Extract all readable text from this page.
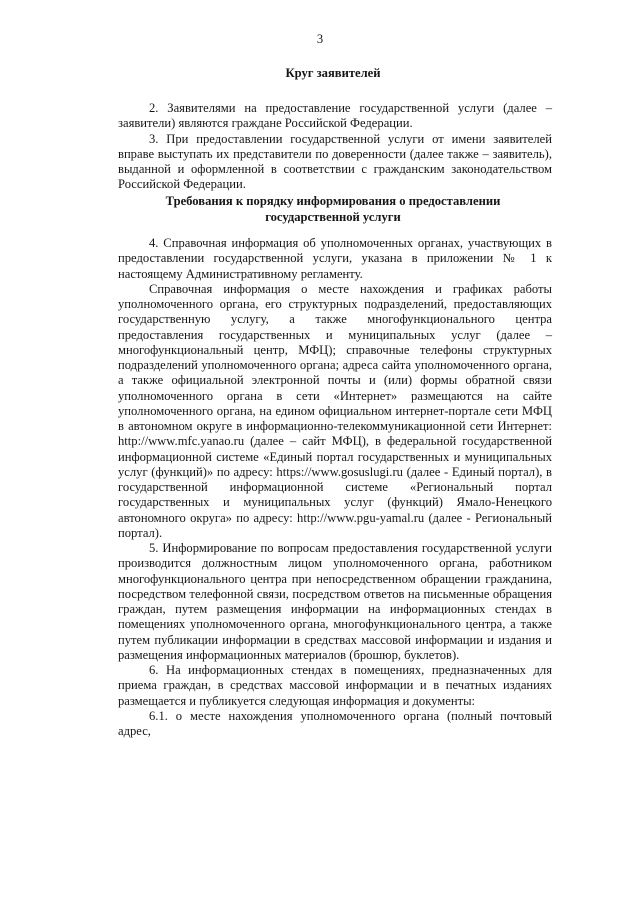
3
Круг заявителей

2. Заявителями на предоставление государственной услуги (далее – заявители) являются граждане Российской Федерации.

3. При предоставлении государственной услуги от имени заявителей вправе выступать их представители по доверенности (далее также – заявитель), выданной и оформленной в соответствии с гражданским законодательством Российской Федерации.

Требования к порядку информирования о предоставлении государственной услуги

4. Справочная информация об уполномоченных органах, участвующих в предоставлении государственной услуги, указана в приложении № 1 к настоящему Административному регламенту.

Справочная информация о месте нахождения и графиках работы уполномоченного органа, его структурных подразделений, предоставляющих государственную услугу, а также многофункционального центра предоставления государственных и муниципальных услуг (далее – многофункциональный центр, МФЦ); справочные телефоны структурных подразделений уполномоченного органа; адреса сайта уполномоченного органа, а также официальной электронной почты и (или) формы обратной связи уполномоченного органа в сети «Интернет» размещаются на сайте уполномоченного органа, на едином официальном интернет-портале сети МФЦ в автономном округе в информационно-телекоммуникационной сети Интернет: http://www.mfc.yanao.ru (далее – сайт МФЦ), в федеральной государственной информационной системе «Единый портал государственных и муниципальных услуг (функций)» по адресу: https://www.gosuslugi.ru (далее - Единый портал), в государственной информационной системе «Региональный портал государственных и муниципальных услуг (функций) Ямало-Ненецкого автономного округа» по адресу: http://www.pgu-yamal.ru (далее - Региональный портал).

5. Информирование по вопросам предоставления государственной услуги производится должностным лицом уполномоченного органа, работником многофункционального центра при непосредственном обращении гражданина, посредством телефонной связи, посредством ответов на письменные обращения граждан, путем размещения информации на информационных стендах в помещениях уполномоченного органа, многофункционального центра, а также путем публикации информации в средствах массовой информации и издания и размещения информационных материалов (брошюр, буклетов).

6. На информационных стендах в помещениях, предназначенных для приема граждан, в средствах массовой информации и в печатных изданиях размещается и публикуется следующая информация и документы:

6.1. о месте нахождения уполномоченного органа (полный почтовый адрес,
